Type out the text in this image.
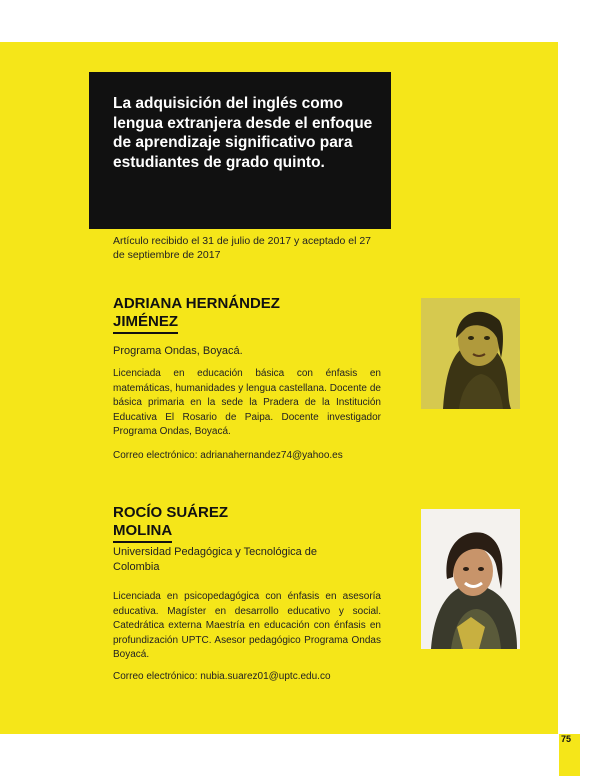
75
La adquisición del inglés como lengua extranjera desde el enfoque de aprendizaje significativo para estudiantes de grado quinto.

Artículo recibido el 31 de julio de 2017 y aceptado el 27 de septiembre de 2017

ADRIANA HERNÁNDEZ
JIMÉNEZ

Programa Ondas, Boyacá.

Licenciada en educación básica con énfasis en matemáticas, humanidades y lengua castellana. Docente de básica primaria en la sede la Pradera de la Institución Educativa El Rosario de Paipa. Docente investigador Programa Ondas, Boyacá.

Correo electrónico: adrianahernandez74@yahoo.es

ROCÍO SUÁREZ
MOLINA

Universidad Pedagógica y Tecnológica de Colombia

Licenciada en psicopedagógica con énfasis en asesoría educativa. Magíster en desarrollo educativo y social. Catedrática externa Maestría en educación con énfasis en profundización UPTC. Asesor pedagógico Programa Ondas Boyacá.

Correo electrónico: nubia.suarez01@uptc.edu.co
